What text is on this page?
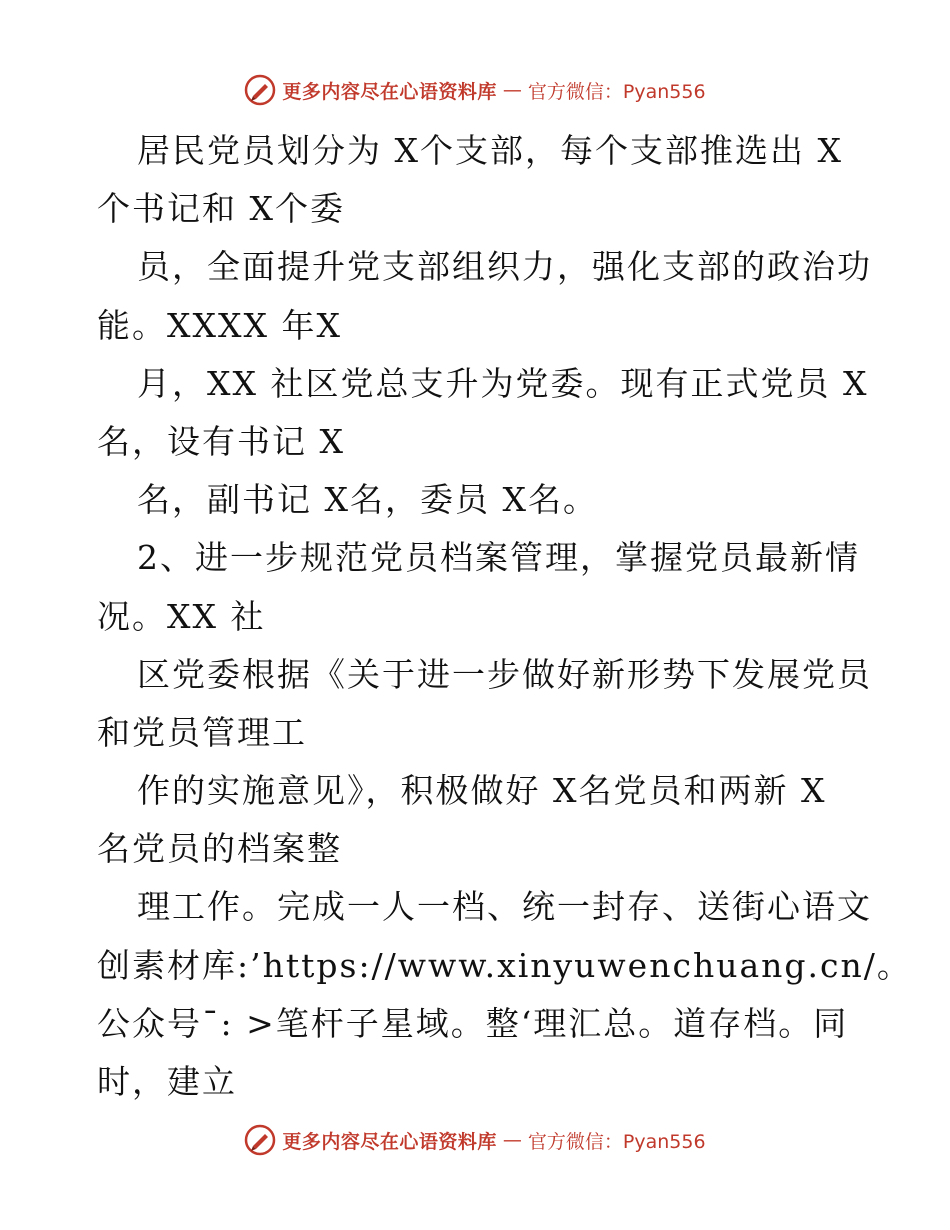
更多内容尽在心语资料库 — 官方微信：Pyan556
居民党员划分为 X个支部，每个支部推选出 X
个书记和 X个委
员，全面提升党支部组织力，强化支部的政治功
能。XXXX 年X
月，XX 社区党总支升为党委。现有正式党员 X
名，设有书记 X
名，副书记 X名，委员 X名。
2、进一步规范党员档案管理，掌握党员最新情
况。XX 社
区党委根据《关于进一步做好新形势下发展党员
和党员管理工
作的实施意见》，积极做好 X名党员和两新 X
名党员的档案整
理工作。完成一人一档、统一封存、送街心语文
创素材库:’https://www.xinyuwenchuang.cn/。
公众号¯: >笔杆子星域。整‘理汇总。道存档。同
时，建立
更多内容尽在心语资料库 — 官方微信：Pyan556
